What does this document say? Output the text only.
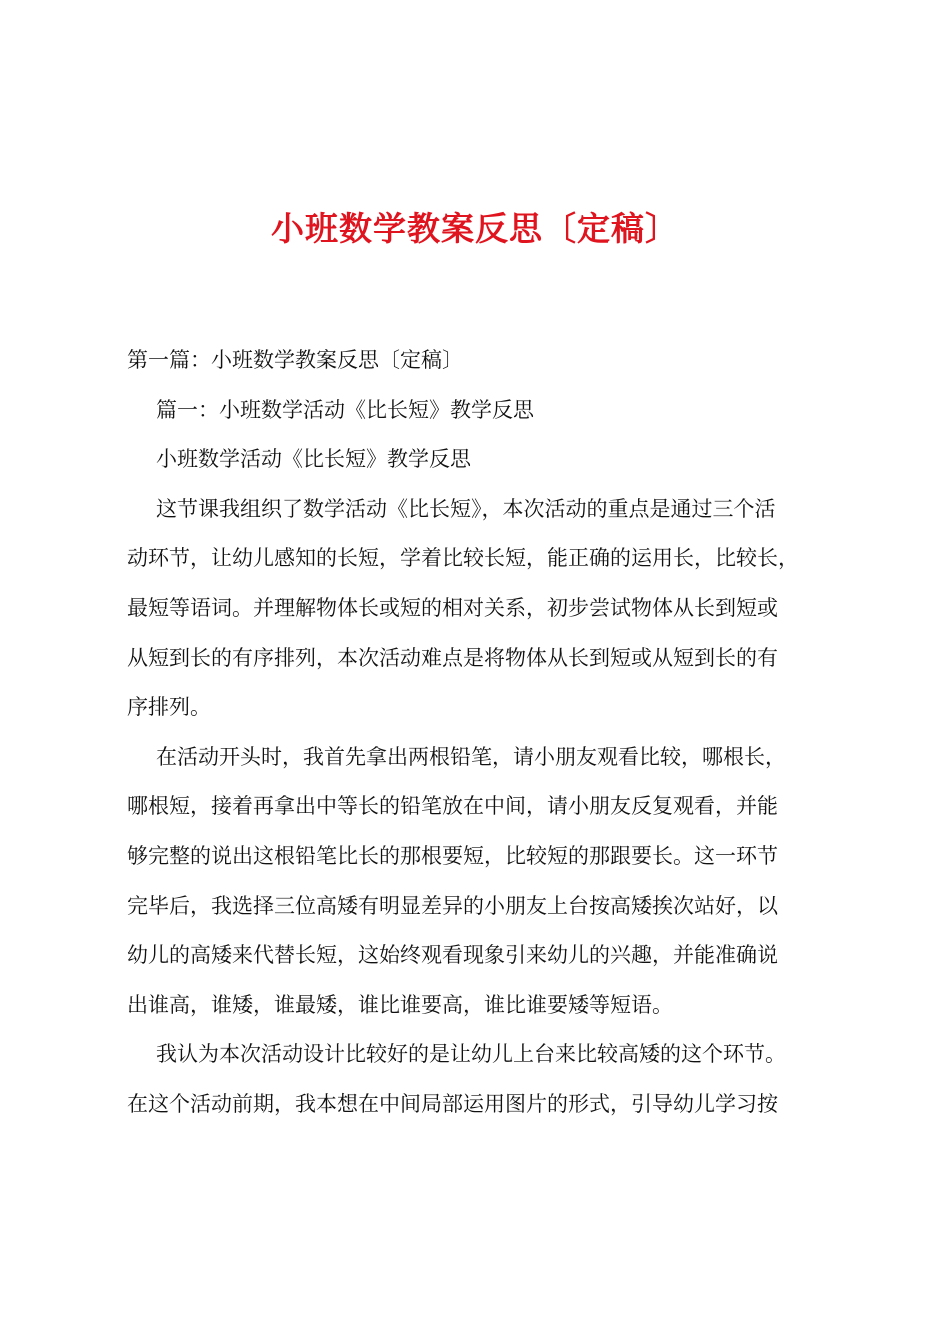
小班数学教案反思〔定稿〕
第一篇：小班数学教案反思〔定稿〕
篇一：小班数学活动《比长短》教学反思
小班数学活动《比长短》教学反思
这节课我组织了数学活动《比长短》，本次活动的重点是通过三个活
动环节，让幼儿感知的长短，学着比较长短，能正确的运用长，比较长，
最短等语词。并理解物体长或短的相对关系，初步尝试物体从长到短或
从短到长的有序排列，本次活动难点是将物体从长到短或从短到长的有
序排列。
在活动开头时，我首先拿出两根铅笔，请小朋友观看比较，哪根长，
哪根短，接着再拿出中等长的铅笔放在中间，请小朋友反复观看，并能
够完整的说出这根铅笔比长的那根要短，比较短的那跟要长。这一环节
完毕后，我选择三位高矮有明显差异的小朋友上台按高矮挨次站好，以
幼儿的高矮来代替长短，这始终观看现象引来幼儿的兴趣，并能准确说
出谁高，谁矮，谁最矮，谁比谁要高，谁比谁要矮等短语。
我认为本次活动设计比较好的是让幼儿上台来比较高矮的这个环节。
在这个活动前期，我本想在中间局部运用图片的形式，引导幼儿学习按
